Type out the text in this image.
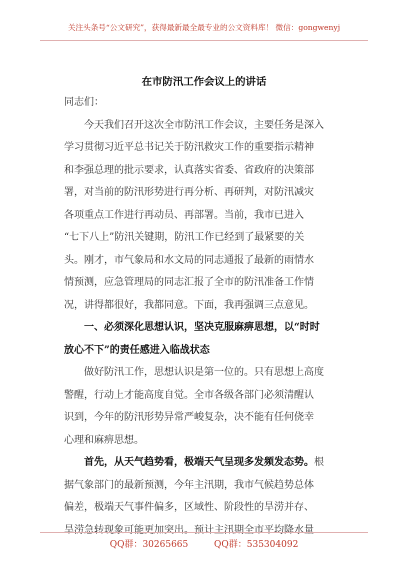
关注头条号“公文研究”，获得最新最全最专业的公文资料库！ 微信：gongwenyj
在市防汛工作会议上的讲话
同志们：
　　今天我们召开这次全市防汛工作会议，主要任务是深入
学习贯彻习近平总书记关于防汛救灾工作的重要指示精神
和李强总理的批示要求，认真落实省委、省政府的决策部
署，对当前的防汛形势进行再分析、再研判，对防汛减灾
各项重点工作进行再动员、再部署。当前，我市已进入
“七下八上”防汛关键期，防汛工作已经到了最紧要的关
头。刚才，市气象局和水文局的同志通报了最新的雨情水
情预测，应急管理局的同志汇报了全市的防汛准备工作情
况，讲得都很好，我都同意。下面，我再强调三点意见。
　　一、必须深化思想认识，坚决克服麻痹思想，以“时时
放心不下”的责任感进入临战状态
　　做好防汛工作，思想认识是第一位的。只有思想上高度
警醒，行动上才能高度自觉。全市各级各部门必须清醒认
识到，今年的防汛形势异常严峻复杂，决不能有任何侥幸
心理和麻痹思想。
　　首先，从天气趋势看，极端天气呈现多发频发态势。根
据气象部门的最新预测，今年主汛期，我市气候趋势总体
偏差，极端天气事件偏多，区域性、阶段性的旱涝并存、
旱涝急转现象可能更加突出。预计主汛期全市平均降水量
QQ群：30265665         QQ群：535304092
